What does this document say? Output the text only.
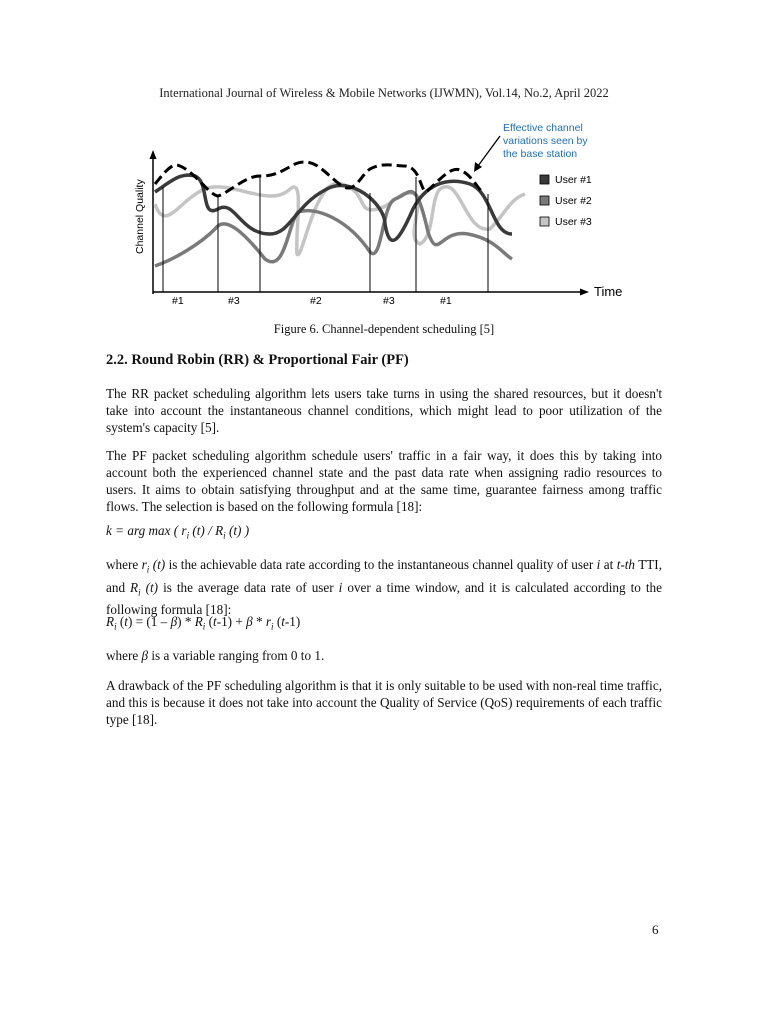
International Journal of Wireless & Mobile Networks (IJWMN), Vol.14, No.2, April 2022
Channel Quality
Time
#1	#3	#2	#3	#1
Effective channel
variations seen by
the base station
User #1
User #2
User #3
Figure 6. Channel-dependent scheduling [5]
2.2. Round Robin (RR) & Proportional Fair (PF)

The RR packet scheduling algorithm lets users take turns in using the shared resources, but it doesn't take into account the instantaneous channel conditions, which might lead to poor utilization of the system's capacity [5].

The PF packet scheduling algorithm schedule users' traffic in a fair way, it does this by taking into account both the experienced channel state and the past data rate when assigning radio resources to users. It aims to obtain satisfying throughput and at the same time, guarantee fairness among traffic flows. The selection is based on the following formula [18]:

k = arg max ( $r_i$ $(t) / R_i$ (t) )

where $r_i$ (t) is the achievable data rate according to the instantaneous channel quality of user i at t-th TTI, and $R_i$ (t) is the average data rate of user i over a time window, and it is calculated according to the following formula [18]:

$R_i$ $(t) = (1 - \beta) * R_i$ $(t-1) + \beta * r_i$ (t-1)

where β is a variable ranging from 0 to 1.

A drawback of the PF scheduling algorithm is that it is only suitable to be used with non-real time traffic, and this is because it does not take into account the Quality of Service (QoS) requirements of each traffic type [18].

6
